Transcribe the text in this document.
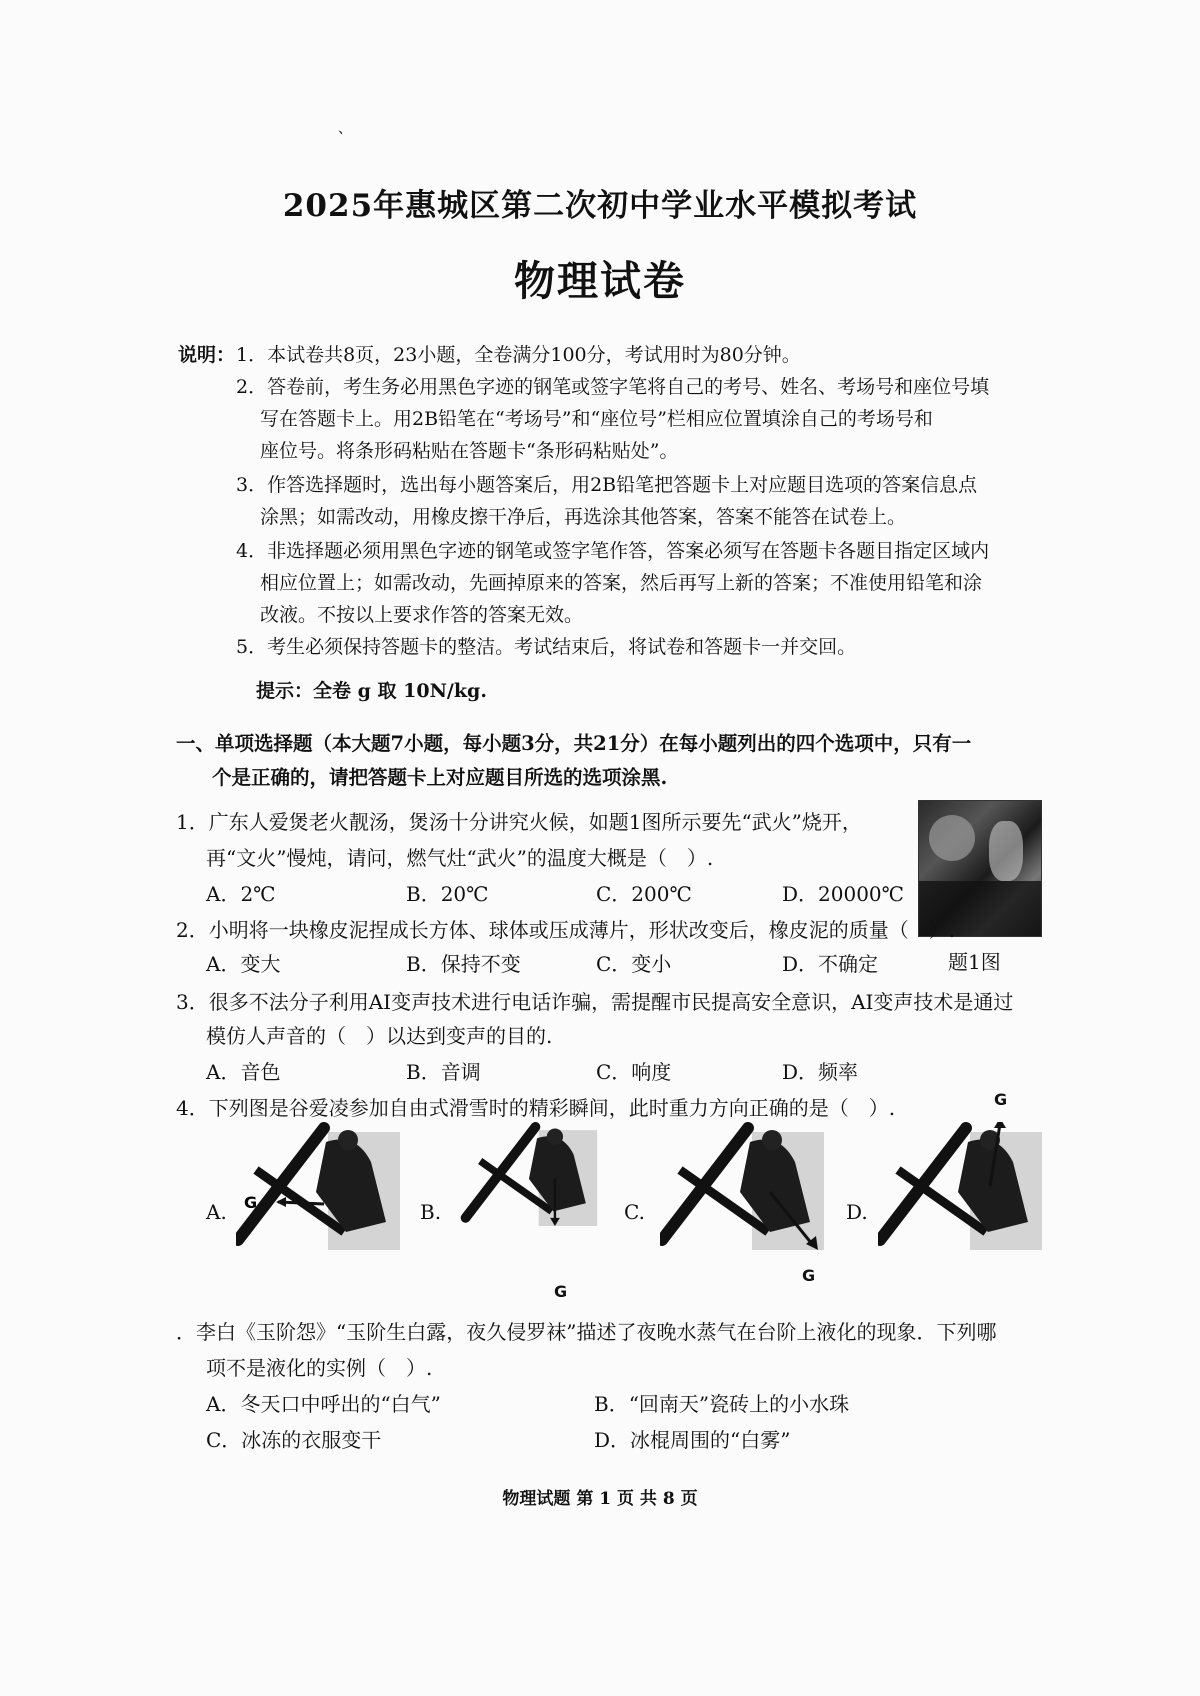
、
2025年惠城区第二次初中学业水平模拟考试
物理试卷
说明： 1．本试卷共8页，23小题，全卷满分100分，考试用时为80分钟。
2．答卷前，考生务必用黑色字迹的钢笔或签字笔将自己的考号、姓名、考场号和座位号填
写在答题卡上。用2B铅笔在“考场号”和“座位号”栏相应位置填涂自己的考场号和
座位号。将条形码粘贴在答题卡“条形码粘贴处”。
3．作答选择题时，选出每小题答案后，用2B铅笔把答题卡上对应题目选项的答案信息点
涂黑；如需改动，用橡皮擦干净后，再选涂其他答案，答案不能答在试卷上。
4．非选择题必须用黑色字迹的钢笔或签字笔作答，答案必须写在答题卡各题目指定区域内
相应位置上；如需改动，先画掉原来的答案，然后再写上新的答案；不准使用铅笔和涂
改液。不按以上要求作答的答案无效。
5．考生必须保持答题卡的整洁。考试结束后，将试卷和答题卡一并交回。
提示：全卷 g 取 10N/kg.
一、单项选择题（本大题7小题，每小题3分，共21分）在每小题列出的四个选项中，只有一
个是正确的，请把答题卡上对应题目所选的选项涂黑.
1．广东人爱煲老火靓汤，煲汤十分讲究火候，如题1图所示要先“武火”烧开，
再“文火”慢炖，请问，燃气灶“武火”的温度大概是（　）.
A．2℃	B．20℃	C．200℃	D．20000℃
题1图
2．小明将一块橡皮泥捏成长方体、球体或压成薄片，形状改变后，橡皮泥的质量（　）.
A．变大	B．保持不变	C．变小	D．不确定
3．很多不法分子利用AI变声技术进行电话诈骗，需提醒市民提高安全意识，AI变声技术是通过
模仿人声音的（　）以达到变声的目的.
A．音色	B．音调	C．响度	D．频率
4．下列图是谷爱凌参加自由式滑雪时的精彩瞬间，此时重力方向正确的是（　）.
A. G	B.
G
C.
G
D.
G
．李白《玉阶怨》“玉阶生白露，夜久侵罗袜”描述了夜晚水蒸气在台阶上液化的现象．下列哪
项不是液化的实例（　）.
A．冬天口中呼出的“白气”	B．“回南天”瓷砖上的小水珠
C．冰冻的衣服变干	D．冰棍周围的“白雾”
物理试题 第 1 页 共 8 页
